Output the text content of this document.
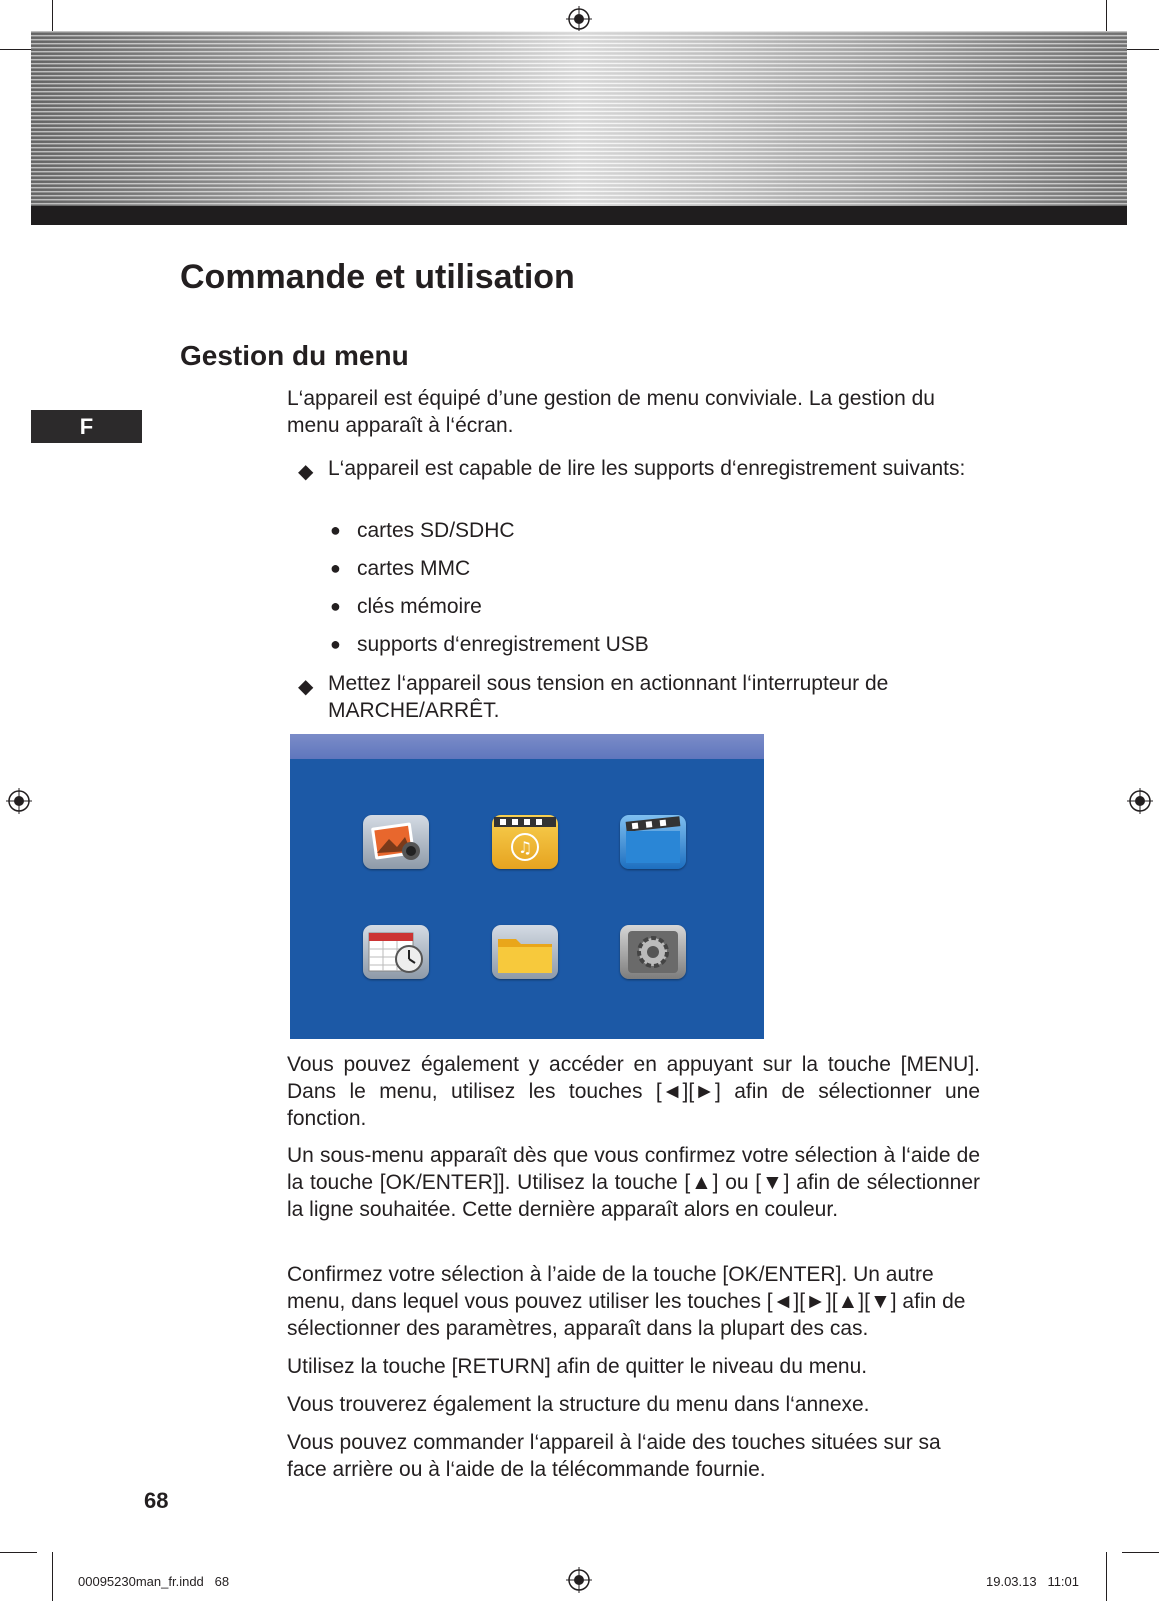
F
Commande et utilisation
Gestion du menu

L‘appareil est équipé d’une gestion de menu conviviale. La gestion du menu apparaît à l‘écran.

◆ L‘appareil est capable de lire les supports d‘enregistrement suivants:
● cartes SD/SDHC
● cartes MMC
● clés mémoire
● supports d‘enregistrement USB
◆ Mettez l‘appareil sous tension en actionnant l‘interrupteur de MARCHE/ARRÊT.
♫

Vous pouvez également y accéder en appuyant sur la touche [MENU]. Dans le menu, utilisez les touches [◄][►] afin de sélectionner une fonction.

Un sous-menu apparaît dès que vous confirmez votre sélection à l‘aide de la touche [OK/ENTER]]. Utilisez la touche [▲] ou [▼] afin de sélectionner la ligne souhaitée. Cette dernière apparaît alors en couleur.

Confirmez votre sélection à l’aide de la touche [OK/ENTER]. Un autre menu, dans lequel vous pouvez utiliser les touches [◄][►][▲][▼] afin de sélectionner des paramètres, apparaît dans la plupart des cas.

Utilisez la touche [RETURN] afin de quitter le niveau du menu.

Vous trouverez également la structure du menu dans l‘annexe.

Vous pouvez commander l‘appareil à l‘aide des touches situées sur sa face arrière ou à l‘aide de la télécommande fournie.

68
00095230man_fr.indd   68	19.03.13   11:01
